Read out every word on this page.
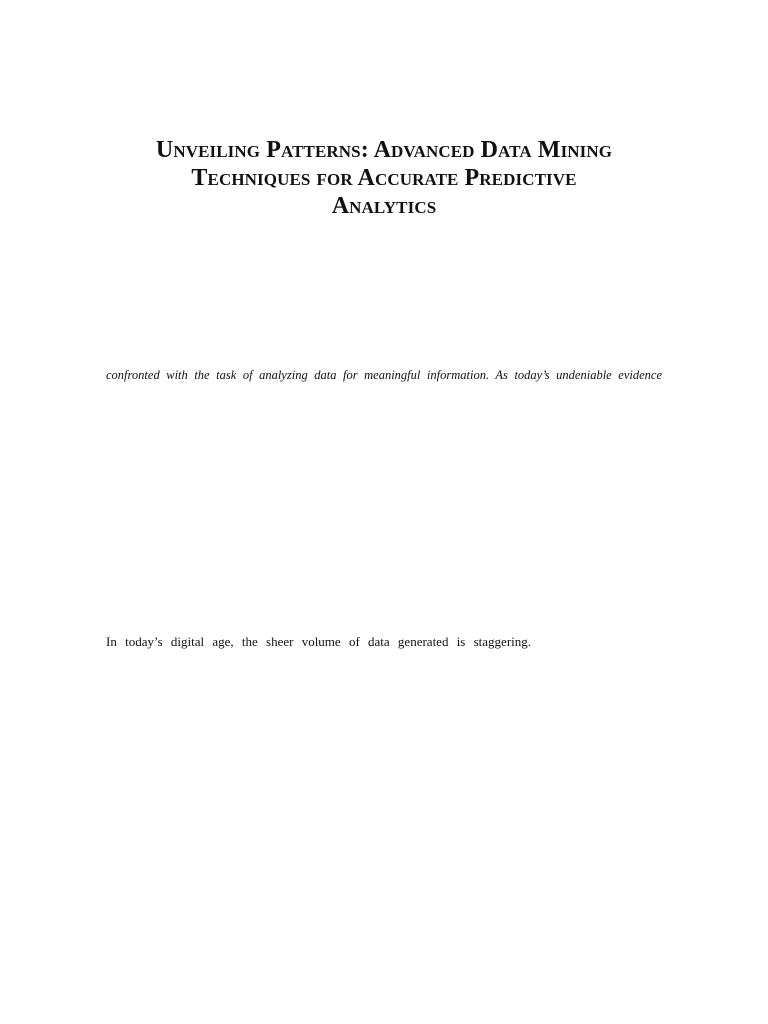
Unveiling Patterns: Advanced Data Mining
Techniques for Accurate Predictive
Analytics

confronted with the task of analyzing data for meaningful information. As today’s undeniable evidence

In today’s digital age, the sheer volume of data generated is staggering.
